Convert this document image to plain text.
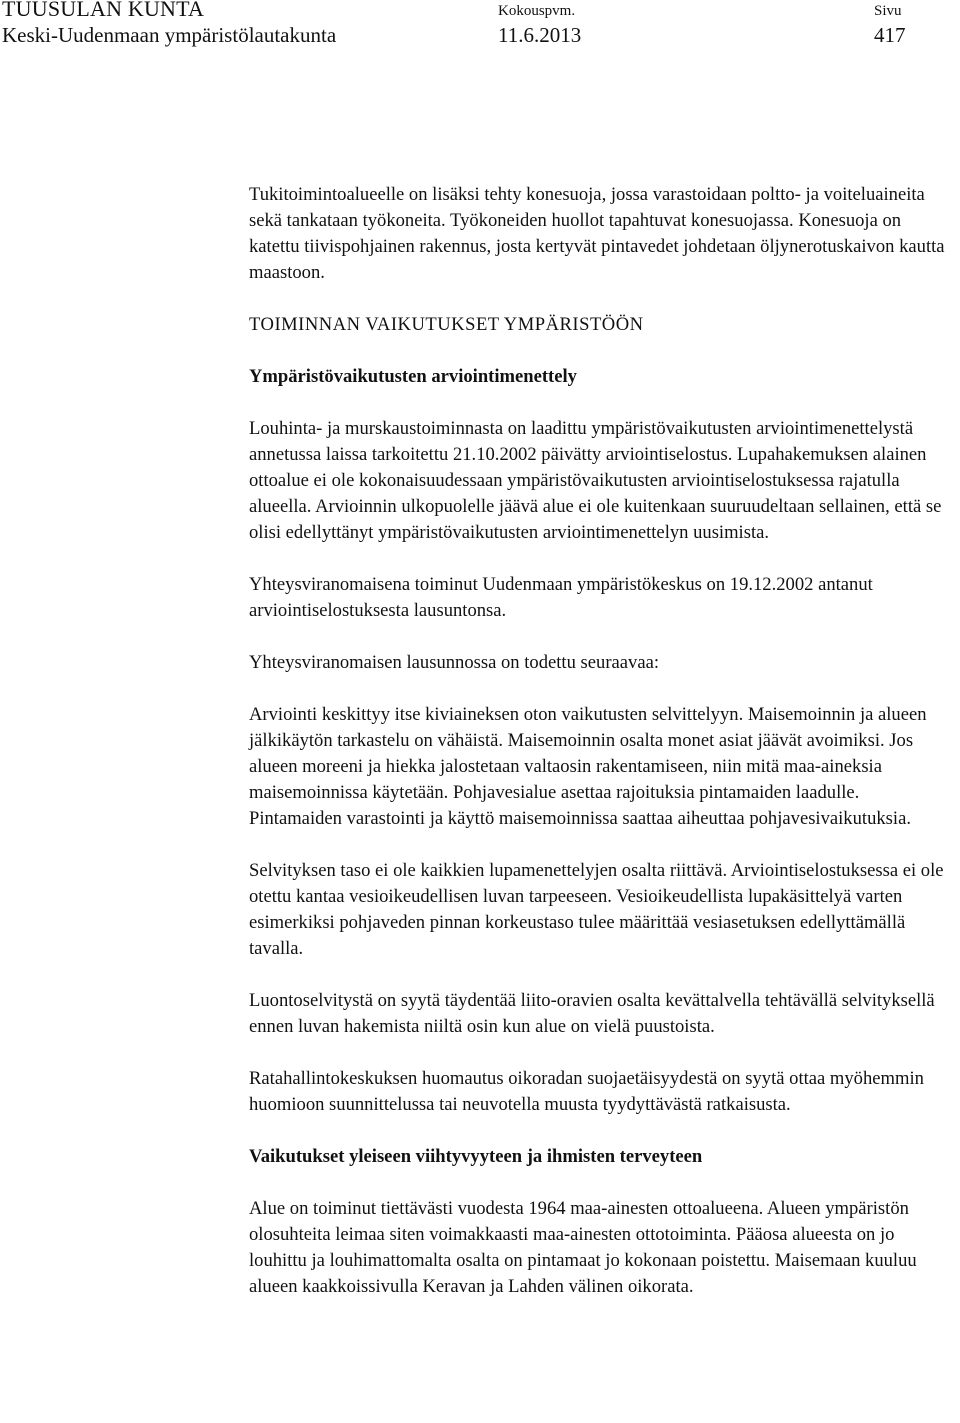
TUUSULAN KUNTA
Keski-Uudenmaan ympäristölautakunta
Kokouspvm.
11.6.2013
Sivu
417

Tukitoimintoalueelle on lisäksi tehty konesuoja, jossa varastoidaan poltto- ja voiteluaineita sekä tankataan työkoneita. Työkoneiden huollot tapahtuvat konesuojassa. Konesuoja on katettu tiivispohjainen rakennus, josta kertyvät pintavedet johdetaan öljynerotuskaivon kautta maastoon.

TOIMINNAN VAIKUTUKSET YMPÄRISTÖÖN
Ympäristövaikutusten arviointimenettely

Louhinta- ja murskaustoiminnasta on laadittu ympäristövaikutusten arviointimenettelystä annetussa laissa tarkoitettu 21.10.2002 päivätty arviointiselostus. Lupahakemuksen alainen ottoalue ei ole kokonaisuudessaan ympäristövaikutusten arviointiselostuksessa rajatulla alueella. Arvioinnin ulkopuolelle jäävä alue ei ole kuitenkaan suuruudeltaan sellainen, että se olisi edellyttänyt ympäristövaikutusten arviointimenettelyn uusimista.

Yhteysviranomaisena toiminut Uudenmaan ympäristökeskus on 19.12.2002 antanut arviointiselostuksesta lausuntonsa.

Yhteysviranomaisen lausunnossa on todettu seuraavaa:

Arviointi keskittyy itse kiviaineksen oton vaikutusten selvittelyyn. Maisemoinnin ja alueen jälkikäytön tarkastelu on vähäistä. Maisemoinnin osalta monet asiat jäävät avoimiksi. Jos alueen moreeni ja hiekka jalostetaan valtaosin rakentamiseen, niin mitä maa-aineksia maisemoinnissa käytetään. Pohjavesialue asettaa rajoituksia pintamaiden laadulle. Pintamaiden varastointi ja käyttö maisemoinnissa saattaa aiheuttaa pohjavesivaikutuksia.

Selvityksen taso ei ole kaikkien lupamenettelyjen osalta riittävä. Arviointiselostuksessa ei ole otettu kantaa vesioikeudellisen luvan tarpeeseen. Vesioikeudellista lupakäsittelyä varten esimerkiksi pohjaveden pinnan korkeustaso tulee määrittää vesiasetuksen edellyttämällä tavalla.

Luontoselvitystä on syytä täydentää liito-oravien osalta kevättalvella tehtävällä selvityksellä ennen luvan hakemista niiltä osin kun alue on vielä puustoista.

Ratahallintokeskuksen huomautus oikoradan suojaetäisyydestä on syytä ottaa myöhemmin huomioon suunnittelussa tai neuvotella muusta tyydyttävästä ratkaisusta.

Vaikutukset yleiseen viihtyvyyteen ja ihmisten terveyteen

Alue on toiminut tiettävästi vuodesta 1964 maa-ainesten ottoalueena. Alueen ympäristön olosuhteita leimaa siten voimakkaasti maa-ainesten ottotoiminta. Pääosa alueesta on jo louhittu ja louhimattomalta osalta on pintamaat jo kokonaan poistettu. Maisemaan kuuluu alueen kaakkoissivulla Keravan ja Lahden välinen oikorata.
